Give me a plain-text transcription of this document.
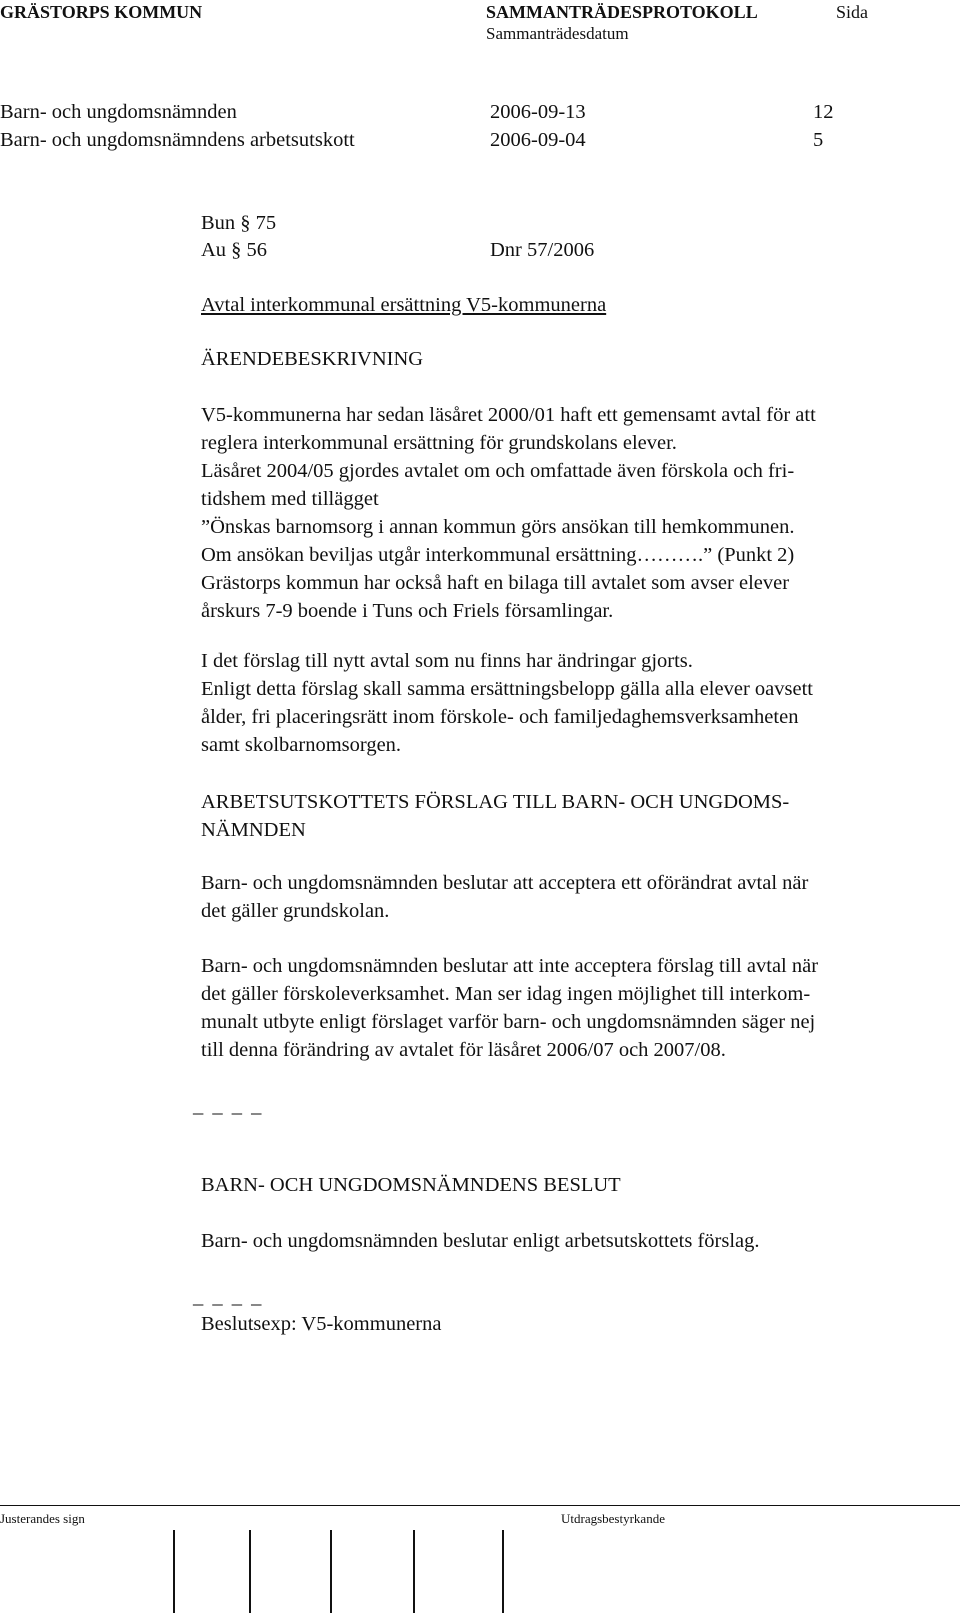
GRÄSTORPS KOMMUN	SAMMANTRÄDESPROTOKOLL	Sida
Sammanträdesdatum
Barn- och ungdomsnämnden	2006-09-13	12
Barn- och ungdomsnämndens arbetsutskott	2006-09-04	5
Bun § 75
Au § 56	Dnr 57/2006
Avtal interkommunal ersättning V5-kommunerna
ÄRENDEBESKRIVNING
V5-kommunerna har sedan läsåret 2000/01 haft ett gemensamt avtal för att
reglera interkommunal ersättning för grundskolans elever.
Läsåret 2004/05 gjordes avtalet om och omfattade även förskola och fri-
tidshem med tillägget
”Önskas barnomsorg i annan kommun görs ansökan till hemkommunen.
Om ansökan beviljas utgår interkommunal ersättning……….” (Punkt 2)
Grästorps kommun har också haft en bilaga till avtalet som avser elever
årskurs 7-9 boende i Tuns och Friels församlingar.
I det förslag till nytt avtal som nu finns har ändringar gjorts.
Enligt detta förslag skall samma ersättningsbelopp gälla alla elever oavsett
ålder, fri placeringsrätt inom förskole- och familjedaghemsverksamheten
samt skolbarnomsorgen.
ARBETSUTSKOTTETS FÖRSLAG TILL BARN- OCH UNGDOMS-
NÄMNDEN
Barn- och ungdomsnämnden beslutar att acceptera ett oförändrat avtal när
det gäller grundskolan.
Barn- och ungdomsnämnden beslutar att inte acceptera förslag till avtal när
det gäller förskoleverksamhet. Man ser idag ingen möjlighet till interkom-
munalt utbyte enligt förslaget varför barn- och ungdomsnämnden säger nej
till denna förändring av avtalet för läsåret 2006/07 och 2007/08.
_ _ _ _
BARN- OCH UNGDOMSNÄMNDENS BESLUT
Barn- och ungdomsnämnden beslutar enligt arbetsutskottets förslag.
_ _ _ _
Beslutsexp: V5-kommunerna
Justerandes sign	Utdragsbestyrkande
